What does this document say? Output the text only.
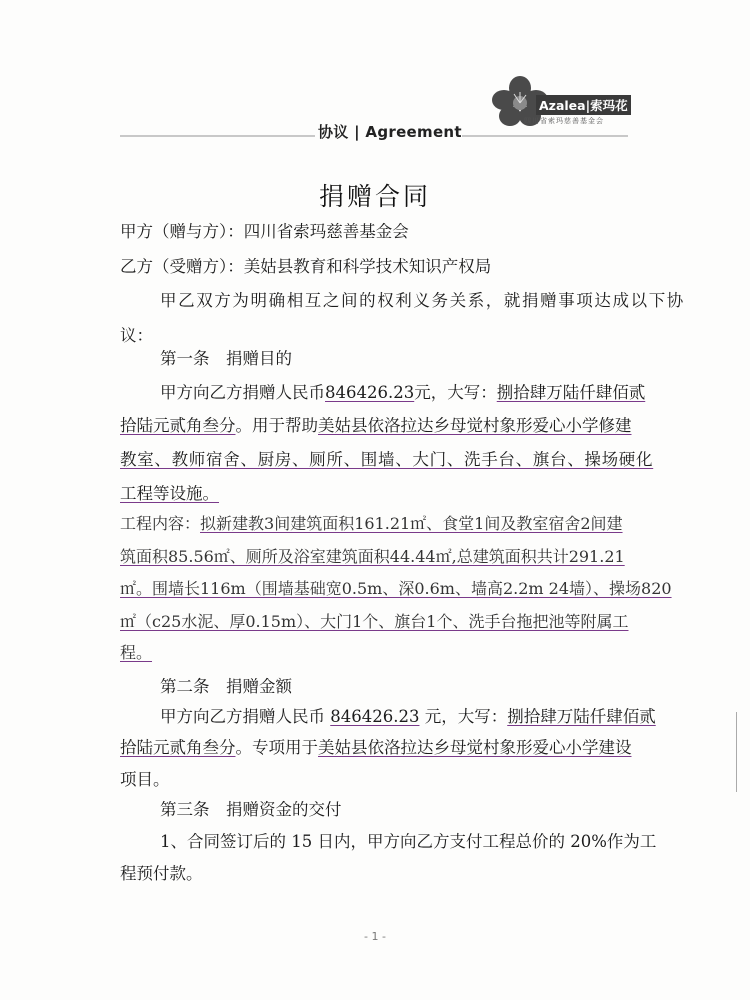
Azalea|索玛花
四川省索玛慈善基金会
协议 | Agreement
捐赠合同
甲方（赠与方）：四川省索玛慈善基金会
乙方（受赠方）：美姑县教育和科学技术知识产权局
甲乙双方为明确相互之间的权利义务关系，就捐赠事项达成以下协
议：
第一条　捐赠目的
甲方向乙方捐赠人民币846426.23元，大写：捌拾肆万陆仟肆佰贰
拾陆元贰角叁分。用于帮助美姑县依洛拉达乡母觉村象形爱心小学修建
教室、教师宿舍、厨房、厕所、围墙、大门、洗手台、旗台、操场硬化
工程等设施。
工程内容：拟新建教3间建筑面积161.21㎡、食堂1间及教室宿舍2间建
筑面积85.56㎡、厕所及浴室建筑面积44.44㎡,总建筑面积共计291.21
㎡。围墙长116m（围墙基础宽0.5m、深0.6m、墙高2.2m 24墙）、操场820
㎡（c25水泥、厚0.15m）、大门1个、旗台1个、洗手台拖把池等附属工
程。
第二条　捐赠金额
甲方向乙方捐赠人民币 846426.23 元，大写：捌拾肆万陆仟肆佰贰
拾陆元贰角叁分。专项用于美姑县依洛拉达乡母觉村象形爱心小学建设
项目。
第三条　捐赠资金的交付
1、合同签订后的 15 日内，甲方向乙方支付工程总价的 20%作为工
程预付款。
- 1 -
